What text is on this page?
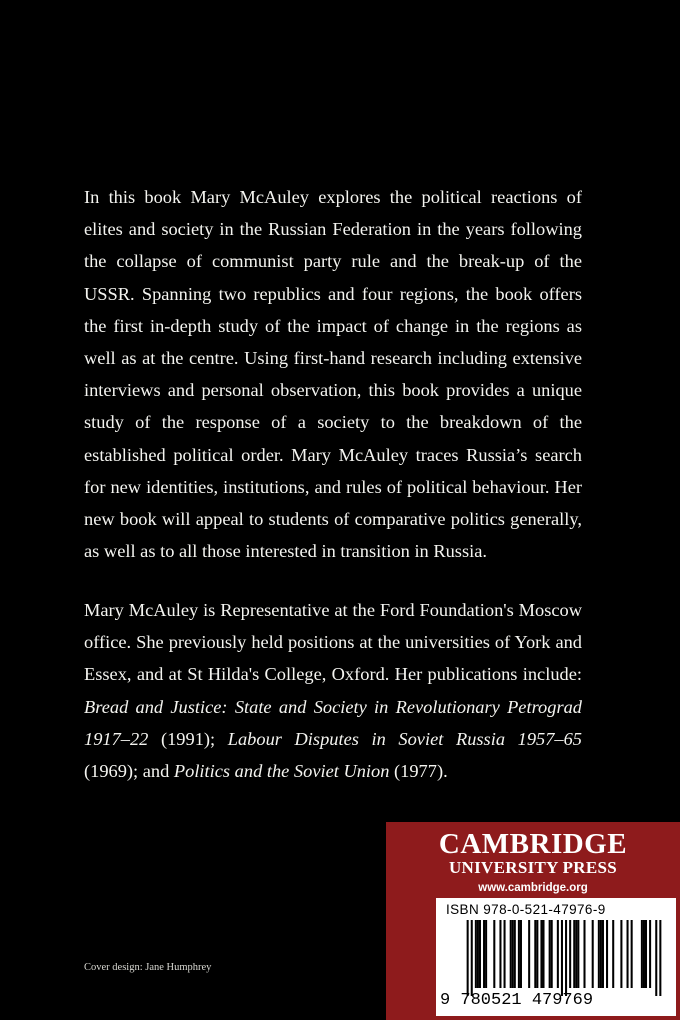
In this book Mary McAuley explores the political reactions of elites and society in the Russian Federation in the years following the collapse of communist party rule and the break-up of the USSR. Spanning two republics and four regions, the book offers the first in-depth study of the impact of change in the regions as well as at the centre. Using first-hand research including extensive interviews and personal observation, this book provides a unique study of the response of a society to the breakdown of the established political order. Mary McAuley traces Russia’s search for new identities, institutions, and rules of political behaviour. Her new book will appeal to students of comparative politics generally, as well as to all those interested in transition in Russia.

Mary McAuley is Representative at the Ford Foundation's Moscow office. She previously held positions at the universities of York and Essex, and at St Hilda's College, Oxford. Her publications include: Bread and Justice: State and Society in Revolutionary Petrograd 1917–22 (1991); Labour Disputes in Soviet Russia 1957–65 (1969); and Politics and the Soviet Union (1977).

Cover design: Jane Humphrey

CAMBRIDGE
UNIVERSITY PRESS
www.cambridge.org
ISBN 978-0-521-47976-9
9 780521 479769
